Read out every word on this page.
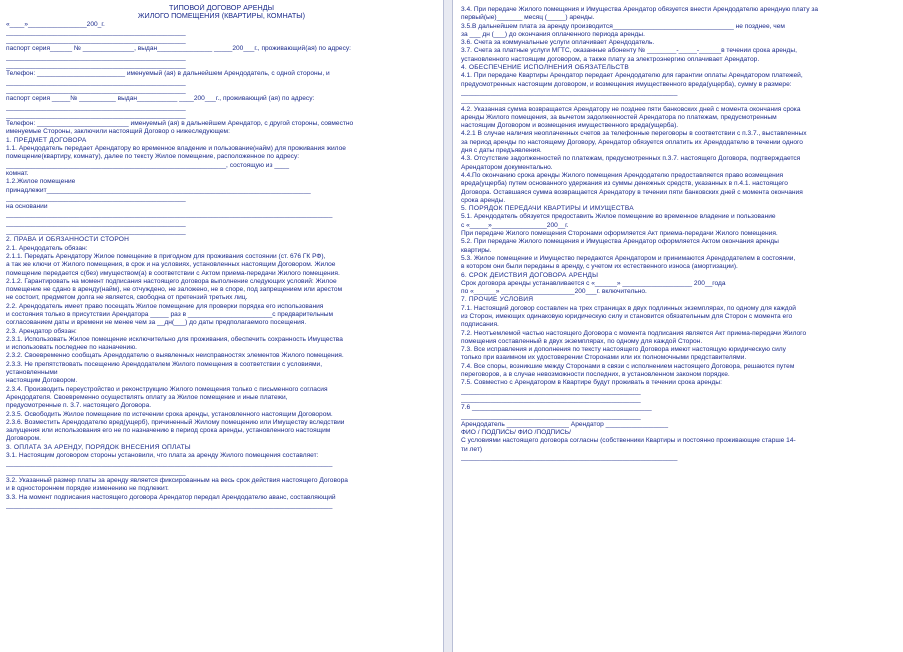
ТИПОВОЙ ДОГОВОР АРЕНДЫ
ЖИЛОГО ПОМЕЩЕНИЯ (КВАРТИРЫ, КОМНАТЫ)
«____»________________200_г.
_________________________________________________
_________________________________________________
паспорт серия______ № ______________, выдан_______________ _____200___г., проживающий(ая) по адресу:
_________________________________________________
_________________________________________________
Телефон: ________________________ именуемый (ая) в дальнейшем Арендодатель, с одной стороны, и
_________________________________________________
_________________________________________________
паспорт серия _____№ __________ выдан___________ ____200___г., проживающий (ая) по адресу:
_________________________________________________
_________________________________________________
Телефон: _________________________ именуемый (ая) в дальнейшем Арендатор, с другой стороны, совместно
именуемые Стороны, заключили настоящий Договор о нижеследующем:
1. ПРЕДМЕТ ДОГОВОРА
1.1. Арендодатель передает Арендатору во временное владение и пользование(найм) для проживания жилое
помещение(квартиру, комнату), далее по тексту Жилое помещение, расположенное по адресу:
____________________________________________________________, состоящую из ____
комнат.
1.2.Жилое помещение
принадлежит________________________________________________________________________
_________________________________________________
на основании
_________________________________________________________________________________________
_________________________________________________
_________________________________________________
2. ПРАВА И ОБЯЗАННОСТИ СТОРОН
2.1. Арендодатель обязан:
2.1.1. Передать Арендатору Жилое помещение в пригодном для проживания состоянии (ст. 676 ГК РФ),
а так же ключи от Жилого помещения, в срок и на условиях, установленных настоящим Договором. Жилое
помещение передается с(без) имуществом(а) в соответствии с Актом приема-передачи Жилого помещения.
2.1.2. Гарантировать на момент подписания настоящего договора выполнение следующих условий: Жилое
помещение не сдано в аренду(найм), не отчуждено, не заложено, не в споре, под запрещением или арестом
не состоит, предметом долга не является, свободна от претензий третьих лиц.
2.2. Арендодатель имеет право посещать Жилое помещение для проверки порядка его использования
и состояния только в присутствии Арендатора _____ раз в _______________________с предварительным
согласованием даты и времени не менее чем за __дн(___) до даты предполагаемого посещения.
2.3. Арендатор обязан:
2.3.1. Использовать Жилое помещение исключительно для проживания, обеспечить сохранность Имущества
и использовать последнее по назначению.
2.3.2. Своевременно сообщать Арендодателю о выявленных неисправностях элементов Жилого помещения.
2.3.3. Не препятствовать посещению Арендодателем Жилого помещения в соответствии с условиями,
установленными
настоящим Договором.
2.3.4. Производить переустройство и реконструкцию Жилого помещения только с письменного согласия
Арендодателя. Своевременно осуществлять оплату за Жилое помещение и иные платежи,
предусмотренные п. 3.7. настоящего Договора.
2.3.5. Освободить Жилое помещение по истечении срока аренды, установленного настоящим Договором.
2.3.6. Возместить Арендодателю вред(ущерб), причиненный Жилому помещению или Имуществу вследствии
залущения или использования его не по назначению в период срока аренды, установленного настоящим
Договором.
3. ОПЛАТА ЗА АРЕНДУ, ПОРЯДОК ВНЕСЕНИЯ ОПЛАТЫ
3.1. Настоящим договором стороны установили, что плата за аренду Жилого помещения составляет:
_________________________________________________________________________________________
_________________________________________________
3.2. Указанный размер платы за аренду является фиксированным на весь срок действия настоящего Договора
и в одностороннем порядке изменению не подлежит.
3.3. На момент подписания настоящего договора Арендатор передал Арендодателю аванс, составляющий
_________________________________________________________________________________________
3.4. При передаче Жилого помещения и Имущества Арендатор обязуется внести Арендодателю арендную плату за
первый(ые)_______ месяц (_____) аренды.
3.5.В дальнейшем плата за аренду производится_________________________________ не позднее, чем
за ___ дн (___) до окончания оплаченного периода аренды.
3.6. Счета за коммунальные услуги оплачивает Арендодатель.
3.7. Счета за платные услуги МГТС, оказанные абоненту № ________-_____-______в течении срока аренды,
установленного настоящим договором, а также плату за электроэнергию оплачивает Арендатор.
4. ОБЕСПЕЧЕНИЕ ИСПОЛНЕНИЯ ОБЯЗАТЕЛЬСТВ
4.1. При передаче Квартиры Арендатор передает Арендодателю для гарантии оплаты Арендатором платежей,
предусмотренных настоящим договором, и возмещения имущественного вреда(ущерба), сумму в размере:
___________________________________________________________
_______________________________________________________________________________________
4.2. Указанная сумма возвращается Арендатору не позднее пяти банковских дней с момента окончания срока
аренды Жилого помещения, за вычетом задолженностей Арендатора по платежам, предусмотренным
настоящим Договором и возмещения имущественного вреда(ущерба).
4.2.1 В случае наличия неоплаченных счетов за телефонные переговоры в соответствии с п.3.7., выставленных
за период аренды по настоящему Договору, Арендатор обязуется оплатить их Арендодателю в течении одного
дня с даты предъявления.
4.3. Отсутствие задолженностей по платежам, предусмотренных п.3.7. настоящего Договора, подтверждается
Арендатором документально.
4.4.По окончанию срока аренды Жилого помещения Арендодателю предоставляется право возмещения
вреда(ущерба) путем основанного удержания из суммы денежных средств, указанных в п.4.1. настоящего
Договора. Оставшаяся сумма возвращается Арендатору в течении пяти банковских дней с момента окончания
срока аренды.
5. ПОРЯДОК ПЕРЕДАЧИ КВАРТИРЫ И ИМУЩЕСТВА
5.1. Арендодатель обязуется предоставить Жилое помещение во временное владение и пользование
с «_____»_______________200__г.
При передаче Жилого помещения Сторонами оформляется Акт приема-передачи Жилого помещения.
5.2. При передаче Жилого помещения и Имущества Арендатор оформляется Актом окончания аренды
квартиры.
5.3. Жилое помещение и Имущество передаются Арендатором и принимаются Арендодателем в состоянии,
в котором они были переданы в аренду, с учетом их естественного износа (амортизации).
6. СРОК ДЕЙСТВИЯ ДОГОВОРА АРЕНДЫ
Срок договора аренды устанавливается с «______» ___________________ 200__года
по «______» ____________________200___г. включительно.
7. ПРОЧИЕ УСЛОВИЯ
7.1. Настоящий договор составлен на трех страницах в двух подлинных экземплярах, по одному для каждой
из Сторон, имеющих одинаковую юридическую силу и становится обязательным для Сторон с момента его
подписания.
7.2. Неотъемлемой частью настоящего Договора с момента подписания является Акт приема-передачи Жилого
помещения составленный в двух экземплярах, по одному для каждой Сторон.
7.3. Все исправления и дополнения по тексту настоящего Договора имеют настоящую юридическую силу
только при взаимном их удостоверении Сторонами или их полномочными представителями.
7.4. Все споры, возникшие между Сторонами в связи с исполнением настоящего Договора, решаются путем
переговоров, а в случае невозможности последних, в установленном законом порядке.
7.5. Совместно с Арендатором в Квартире будут проживать в течении срока аренды:
_________________________________________________
_________________________________________________
7.6 _________________________________________________
_________________________________________________
Арендодатель _________________ Арендатор _________________
ФИО / ПОДПИСЬ/ ФИО /ПОДПИСЬ/
С условиями настоящего договора согласны (собственники Квартиры и постоянно проживающие старше 14-
ти лет)
___________________________________________________________
